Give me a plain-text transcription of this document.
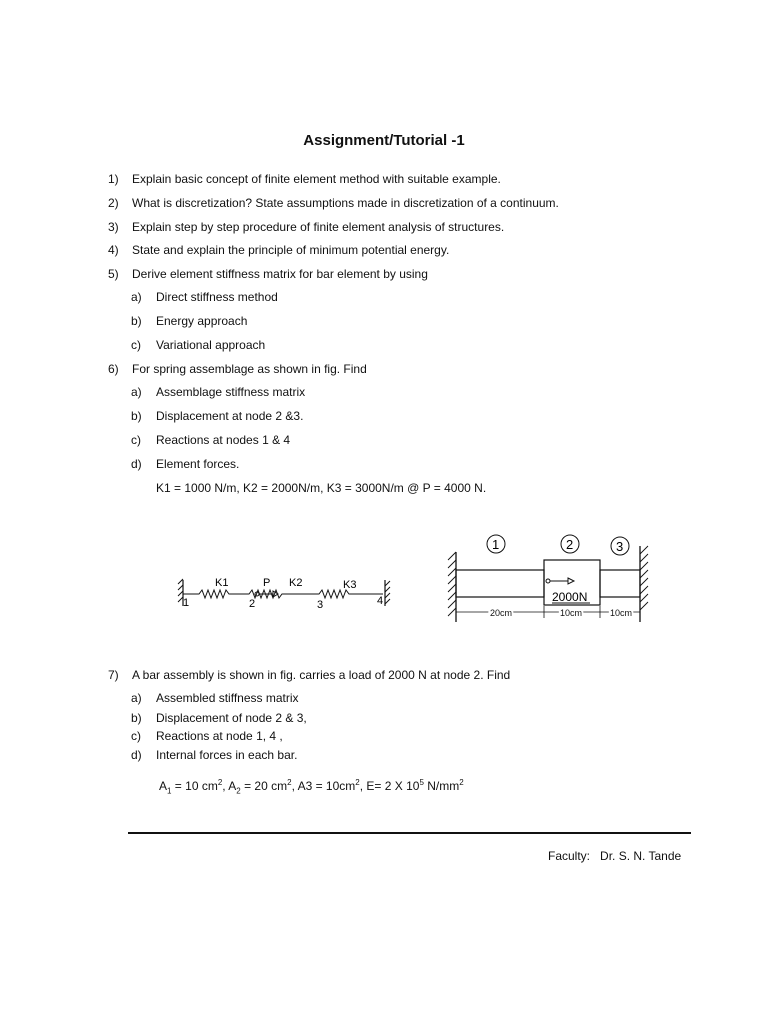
Assignment/Tutorial -1
1) Explain basic concept of finite element method with suitable example.
2) What is discretization? State assumptions made in discretization of a continuum.
3) Explain step by step procedure of finite element analysis of structures.
4) State and explain the principle of minimum potential energy.
5) Derive element stiffness matrix for bar element by using
a) Direct stiffness method
b) Energy approach
c) Variational approach
6) For spring assemblage as shown in fig. Find
a) Assemblage stiffness matrix
b) Displacement at node 2 &3.
c) Reactions at nodes 1 & 4
d) Element forces.
K1 = 1000 N/m, K2 = 2000N/m, K3 = 3000N/m @ P = 4000 N.
K1	P K2	K3
1	2	3	4
1	2	3
2000N
20cm	10cm	10cm
7) A bar assembly is shown in fig. carries a load of 2000 N at node 2. Find
a) Assembled stiffness matrix
b) Displacement of node 2 & 3,
c) Reactions at node 1, 4 ,
d) Internal forces in each bar.
$A_1 = 10$ $cm^2$, $A_2 = 20$ $cm^2$, $A3 = 10cm^2$, E= 2 X $10^5$ $N/mm^2$
Faculty: Dr. S. N. Tande
